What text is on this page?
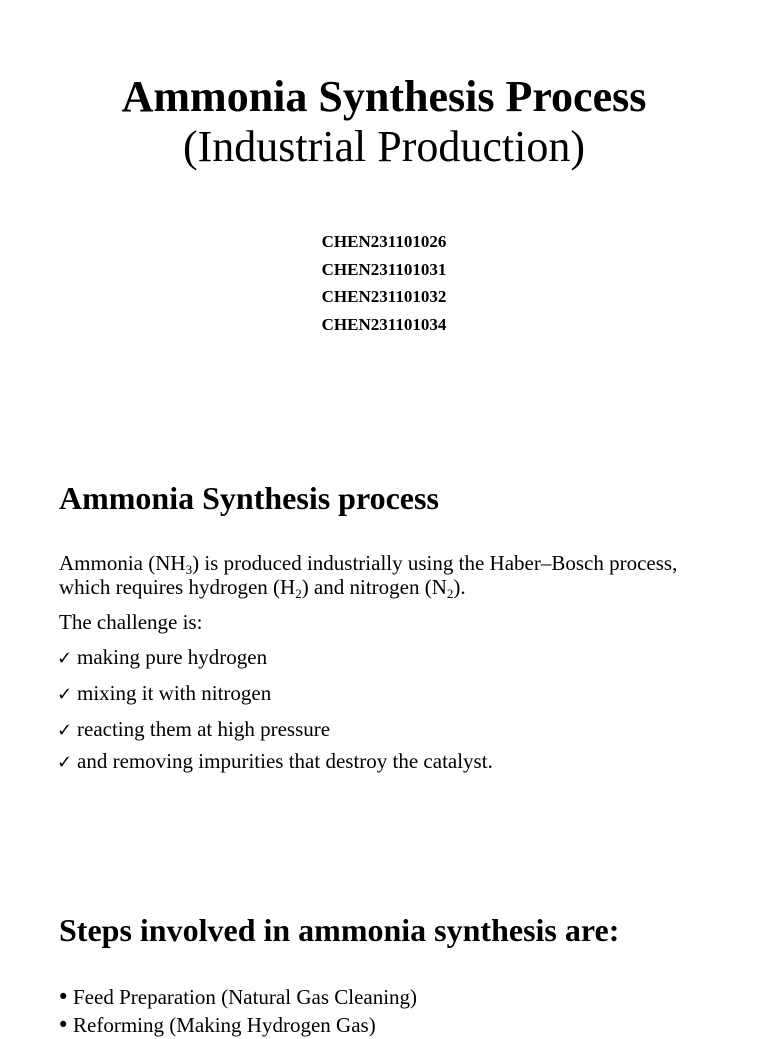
Ammonia Synthesis Process
(Industrial Production)
CHEN231101026
CHEN231101031
CHEN231101032
CHEN231101034
Ammonia Synthesis process

Ammonia $(NH_3)$ is produced industrially using the Haber–Bosch process, which requires hydrogen $(H_2)$ and nitrogen $(N_2)$.

The challenge is:

✓ making pure hydrogen
✓ mixing it with nitrogen
✓ reacting them at high pressure
✓ and removing impurities that destroy the catalyst.
Steps involved in ammonia synthesis are:
• Feed Preparation (Natural Gas Cleaning)
• Reforming (Making Hydrogen Gas)
